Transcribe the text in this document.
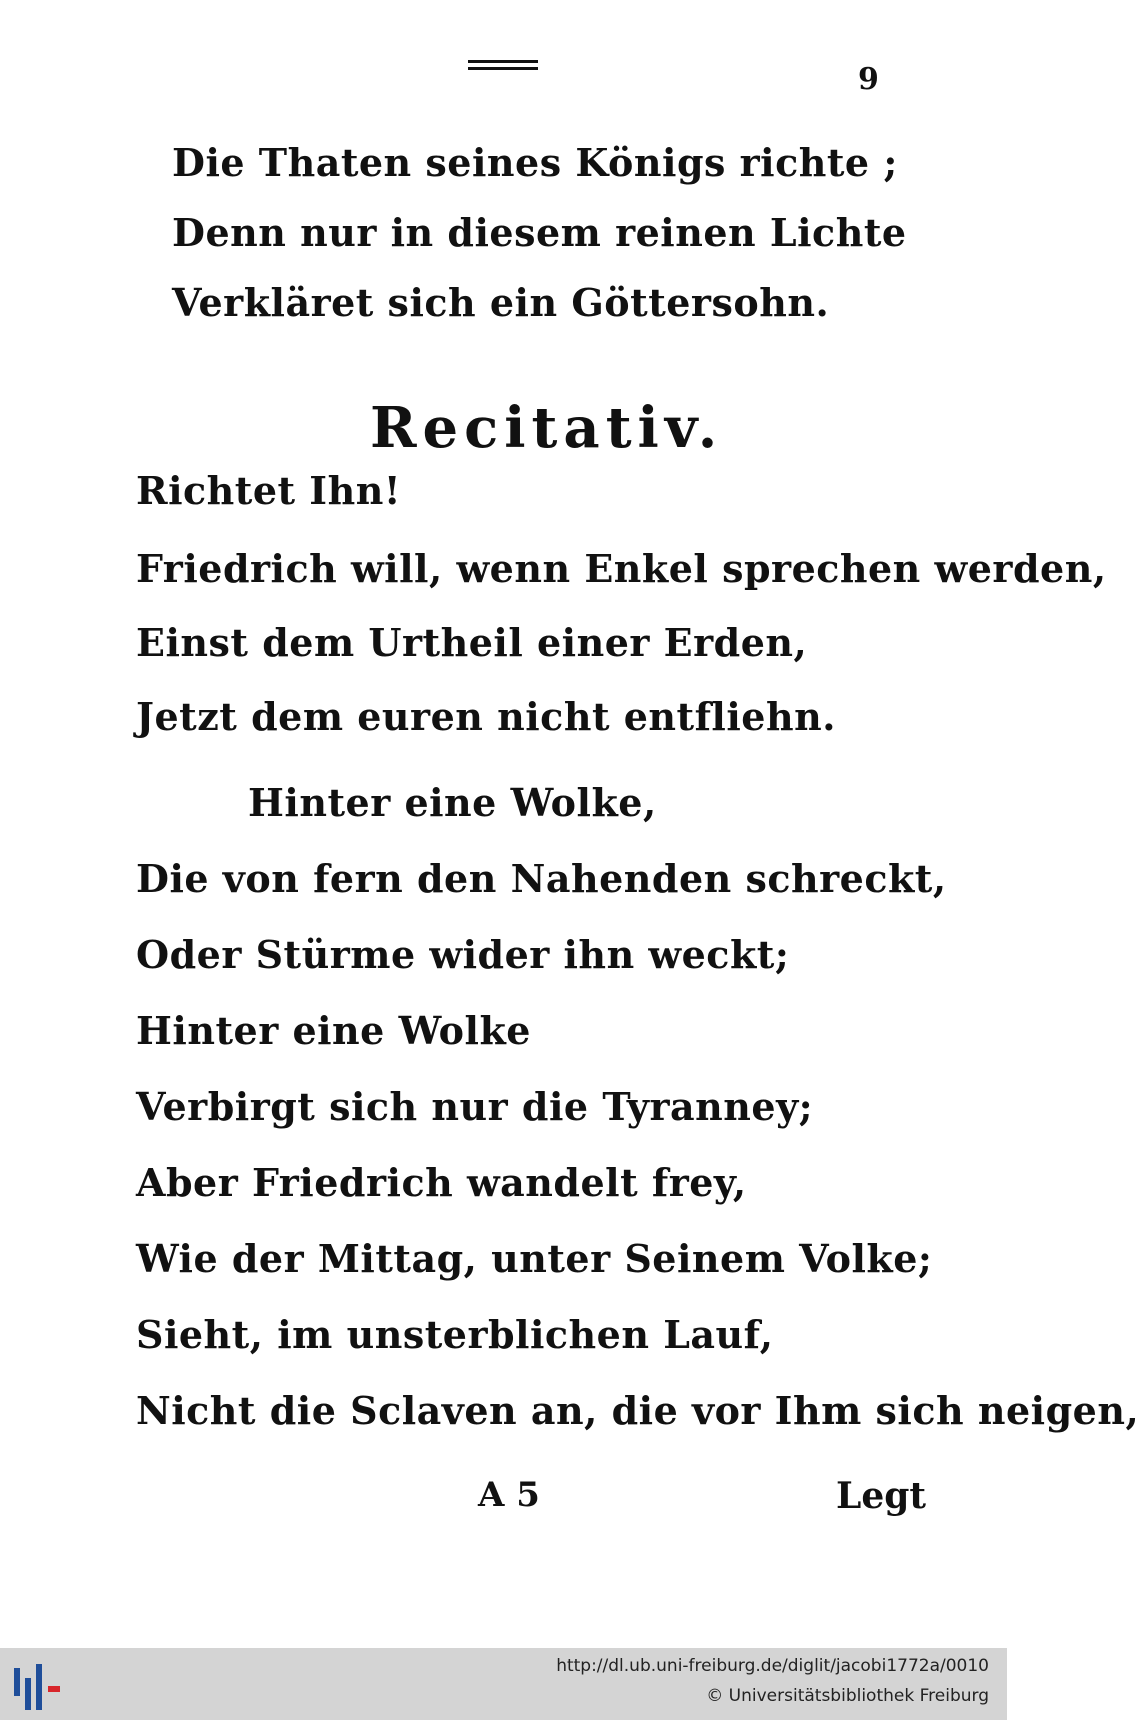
9
Die Thaten seines Königs richte ;
Denn nur in diesem reinen Lichte
Verkläret sich ein Göttersohn.
Recitativ.
Richtet Ihn!
Friedrich will, wenn Enkel sprechen werden,
Einst dem Urtheil einer Erden,
Jetzt dem euren nicht entfliehn.
Hinter eine Wolke,
Die von fern den Nahenden schreckt,
Oder Stürme wider ihn weckt;
Hinter eine Wolke
Verbirgt sich nur die Tyranney;
Aber Friedrich wandelt frey,
Wie der Mittag, unter Seinem Volke;
Sieht, im unsterblichen Lauf,
Nicht die Sclaven an, die vor Ihm sich neigen,
A 5	Legt
http://dl.ub.uni-freiburg.de/diglit/jacobi1772a/0010
© Universitätsbibliothek Freiburg
